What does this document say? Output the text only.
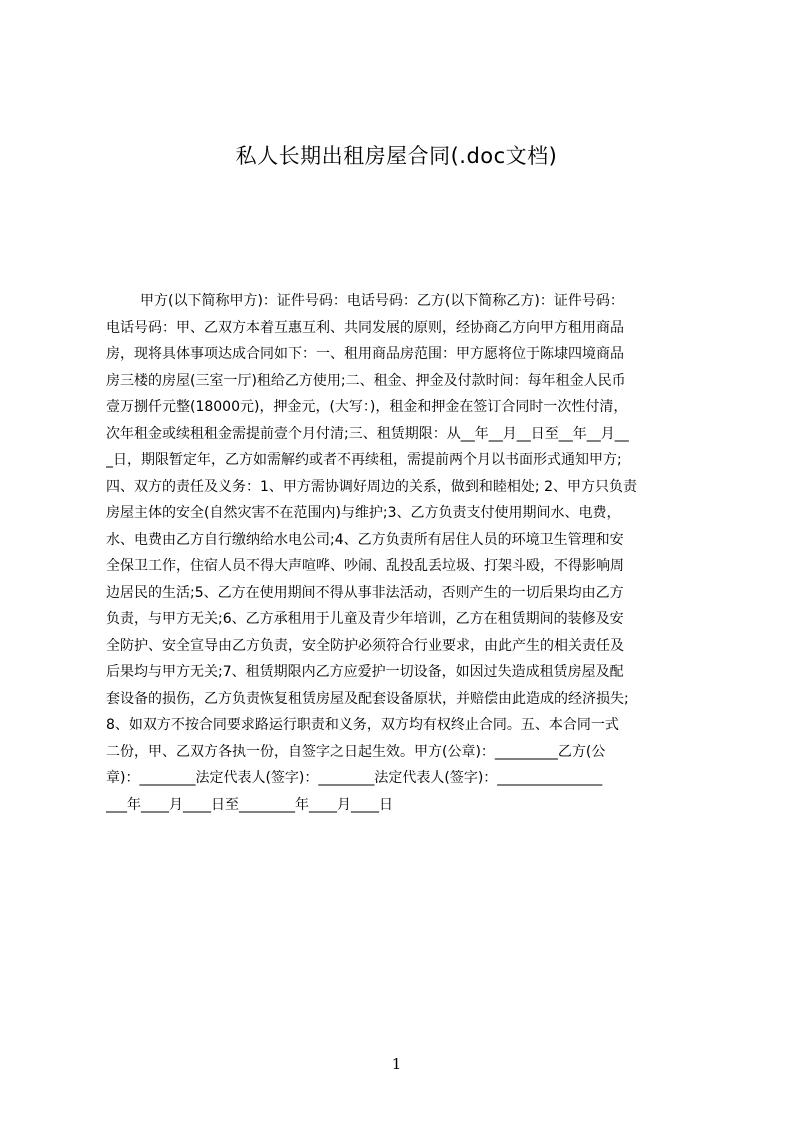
私人长期出租房屋合同(.doc文档)
甲方(以下简称甲方)：证件号码：电话号码：乙方(以下简称乙方)：证件号码：
电话号码：甲、乙双方本着互惠互利、共同发展的原则，经协商乙方向甲方租用商品
房，现将具体事项达成合同如下：一、租用商品房范围：甲方愿将位于陈埭四境商品
房三楼的房屋(三室一厅)租给乙方使用;二、租金、押金及付款时间：每年租金人民币
壹万捌仟元整(18000元)，押金元，(大写：)，租金和押金在签订合同时一次性付清，
次年租金或续租租金需提前壹个月付清;三、租赁期限：从__年__月__日至__年__月__
_日，期限暂定年，乙方如需解约或者不再续租，需提前两个月以书面形式通知甲方;
四、双方的责任及义务：1、甲方需协调好周边的关系，做到和睦相处; 2、甲方只负责
房屋主体的安全(自然灾害不在范围内)与维护;3、乙方负责支付使用期间水、电费，
水、电费由乙方自行缴纳给水电公司;4、乙方负责所有居住人员的环境卫生管理和安
全保卫工作，住宿人员不得大声喧哗、吵闹、乱投乱丢垃圾、打架斗殴，不得影响周
边居民的生活;5、乙方在使用期间不得从事非法活动，否则产生的一切后果均由乙方
负责，与甲方无关;6、乙方承租用于儿童及青少年培训，乙方在租赁期间的装修及安
全防护、安全宣导由乙方负责，安全防护必须符合行业要求，由此产生的相关责任及
后果均与甲方无关;7、租赁期限内乙方应爱护一切设备，如因过失造成租赁房屋及配
套设备的损伤，乙方负责恢复租赁房屋及配套设备原状，并赔偿由此造成的经济损失;
8、如双方不按合同要求路运行职责和义务，双方均有权终止合同。五、本合同一式
二份，甲、乙双方各执一份，自签字之日起生效。甲方(公章)：_________乙方(公
章)：________法定代表人(签字)：________法定代表人(签字)：_______________
___年____月____日至________年____月____日
1
